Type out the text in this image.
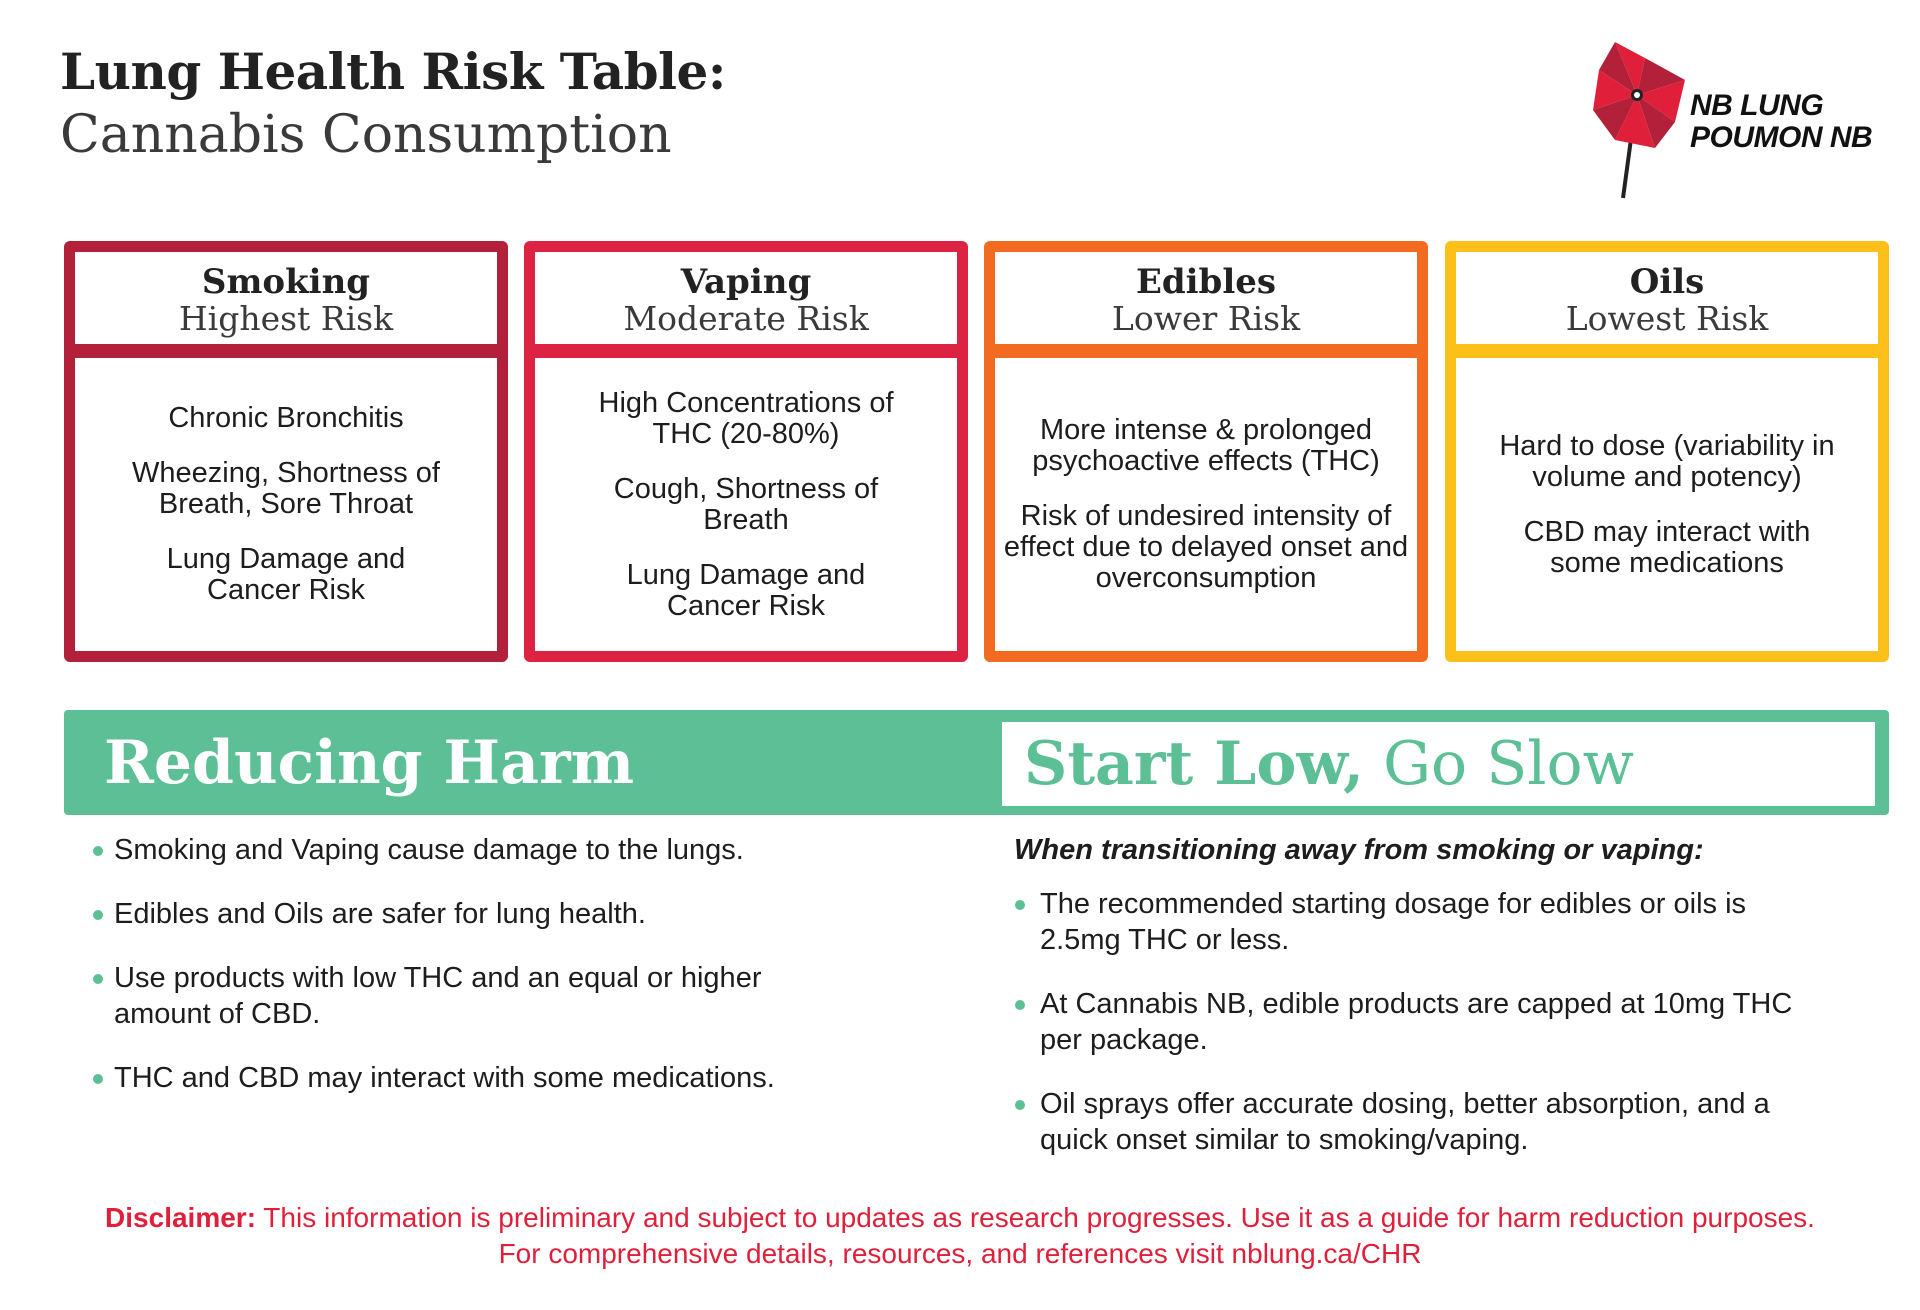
Lung Health Risk Table:
Cannabis Consumption	NB LUNG
POUMON NB
Smoking
Highest Risk
Chronic Bronchitis
Wheezing, Shortness of Breath, Sore Throat
Lung Damage and Cancer Risk
Vaping
Moderate Risk
High Concentrations of THC (20-80%)
Cough, Shortness of Breath
Lung Damage and Cancer Risk
Edibles
Lower Risk
More intense & prolonged psychoactive effects (THC)
Risk of undesired intensity of effect due to delayed onset and overconsumption
Oils
Lowest Risk
Hard to dose (variability in volume and potency)
CBD may interact with some medications
Reducing Harm	Start Low, Go Slow
Smoking and Vaping cause damage to the lungs.
Edibles and Oils are safer for lung health.
Use products with low THC and an equal or higher amount of CBD.
THC and CBD may interact with some medications.
When transitioning away from smoking or vaping:
The recommended starting dosage for edibles or oils is 2.5mg THC or less.
At Cannabis NB, edible products are capped at 10mg THC per package.
Oil sprays offer accurate dosing, better absorption, and a quick onset similar to smoking/vaping.
Disclaimer: This information is preliminary and subject to updates as research progresses. Use it as a guide for harm reduction purposes. For comprehensive details, resources, and references visit nblung.ca/CHR
